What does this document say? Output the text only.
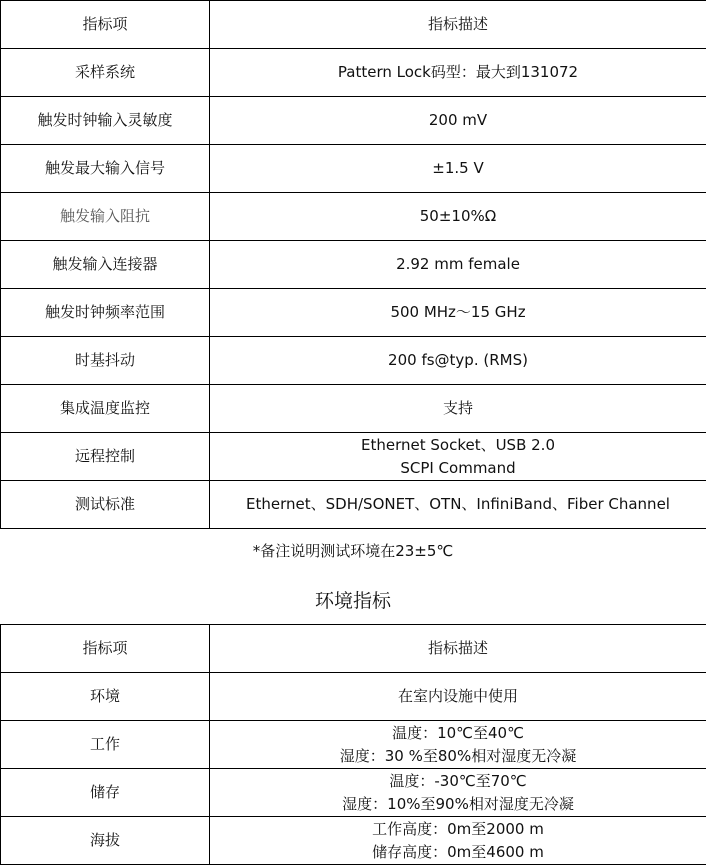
指标项	指标描述
采样系统	Pattern Lock码型：最大到131072

触发时钟输入灵敏度	200 mV

触发最大输入信号	±1.5 V

触发输入阻抗	50±10%Ω

触发输入连接器	2.92 mm female

触发时钟频率范围	500 MHz～15 GHz

时基抖动	200 fs@typ. (RMS)

集成温度监控	支持

远程控制	Ethernet Socket、USB 2.0
SCPI Command

测试标准	Ethernet、SDH/SONET、OTN、InfiniBand、Fiber Channel
*备注说明测试环境在23±5℃
环境指标
指标项	指标描述
环境	在室内设施中使用

工作	温度：10℃至40℃
湿度：30 %至80%相对湿度无冷凝

储存	温度：-30℃至70℃
湿度：10%至90%相对湿度无冷凝

海拔	工作高度：0m至2000 m
储存高度：0m至4600 m
